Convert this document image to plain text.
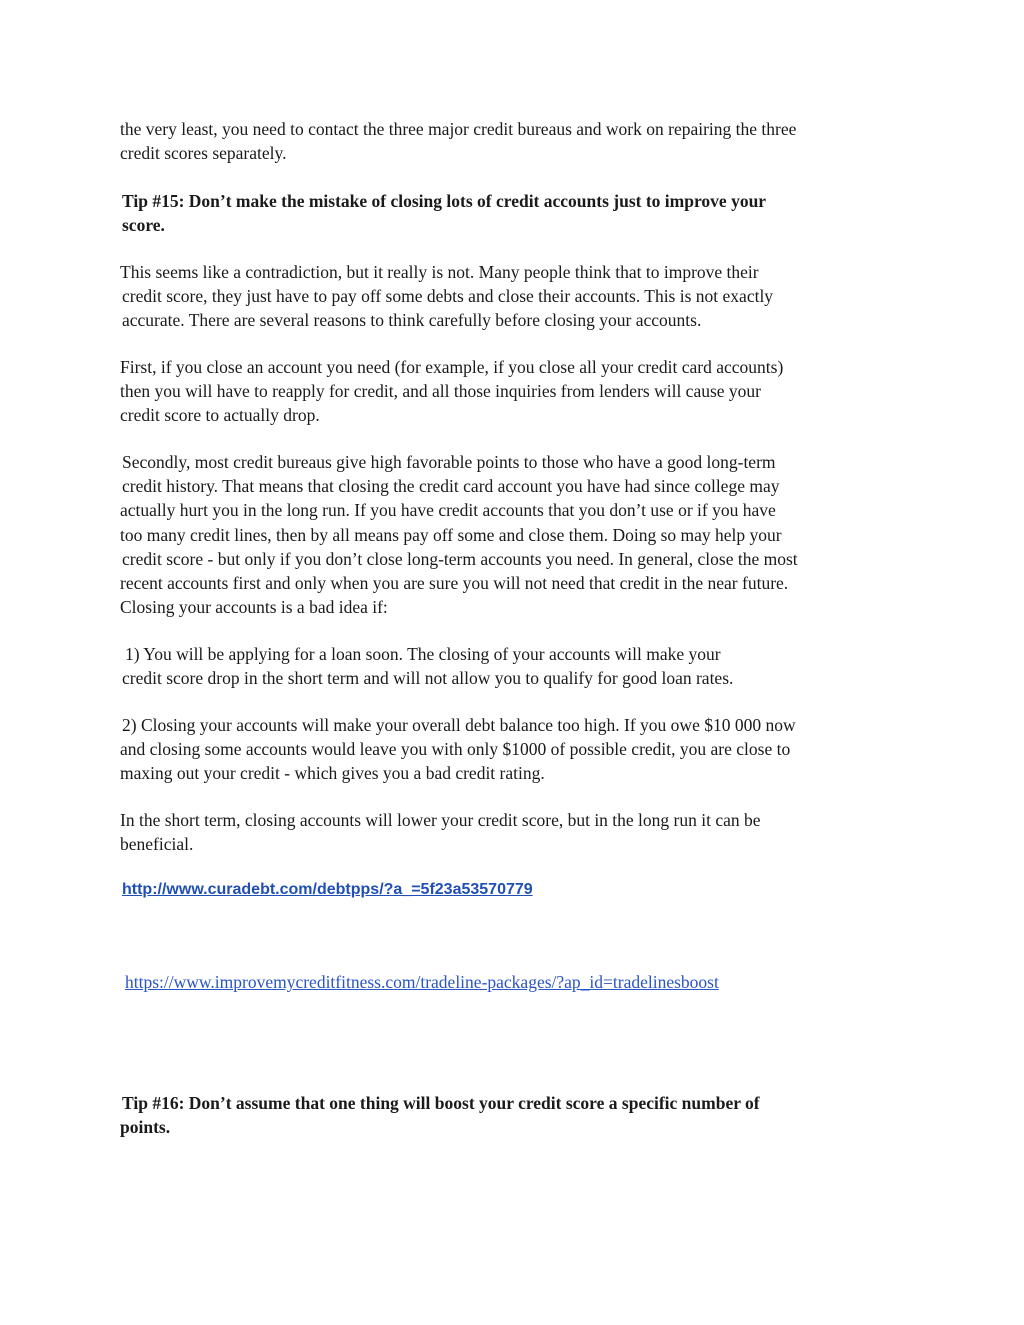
the very least, you need to contact the three major credit bureaus and work on repairing the three
credit scores separately.

Tip #15: Don’t make the mistake of closing lots of credit accounts just to improve your
score.

This seems like a contradiction, but it really is not. Many people think that to improve their
credit score, they just have to pay off some debts and close their accounts. This is not exactly
accurate. There are several reasons to think carefully before closing your accounts.

First, if you close an account you need (for example, if you close all your credit card accounts)
then you will have to reapply for credit, and all those inquiries from lenders will cause your
credit score to actually drop.

Secondly, most credit bureaus give high favorable points to those who have a good long-term
credit history. That means that closing the credit card account you have had since college may
actually hurt you in the long run. If you have credit accounts that you don’t use or if you have
too many credit lines, then by all means pay off some and close them. Doing so may help your
credit score - but only if you don’t close long-term accounts you need. In general, close the most
recent accounts first and only when you are sure you will not need that credit in the near future.
Closing your accounts is a bad idea if:

1) You will be applying for a loan soon. The closing of your accounts will make your
credit score drop in the short term and will not allow you to qualify for good loan rates.

2) Closing your accounts will make your overall debt balance too high. If you owe $10 000 now
and closing some accounts would leave you with only $1000 of possible credit, you are close to
maxing out your credit - which gives you a bad credit rating.

In the short term, closing accounts will lower your credit score, but in the long run it can be
beneficial.

http://www.curadebt.com/debtpps/?a_=5f23a53570779
https://www.improvemycreditfitness.com/tradeline-packages/?ap_id=tradelinesboost

Tip #16: Don’t assume that one thing will boost your credit score a specific number of
points.
